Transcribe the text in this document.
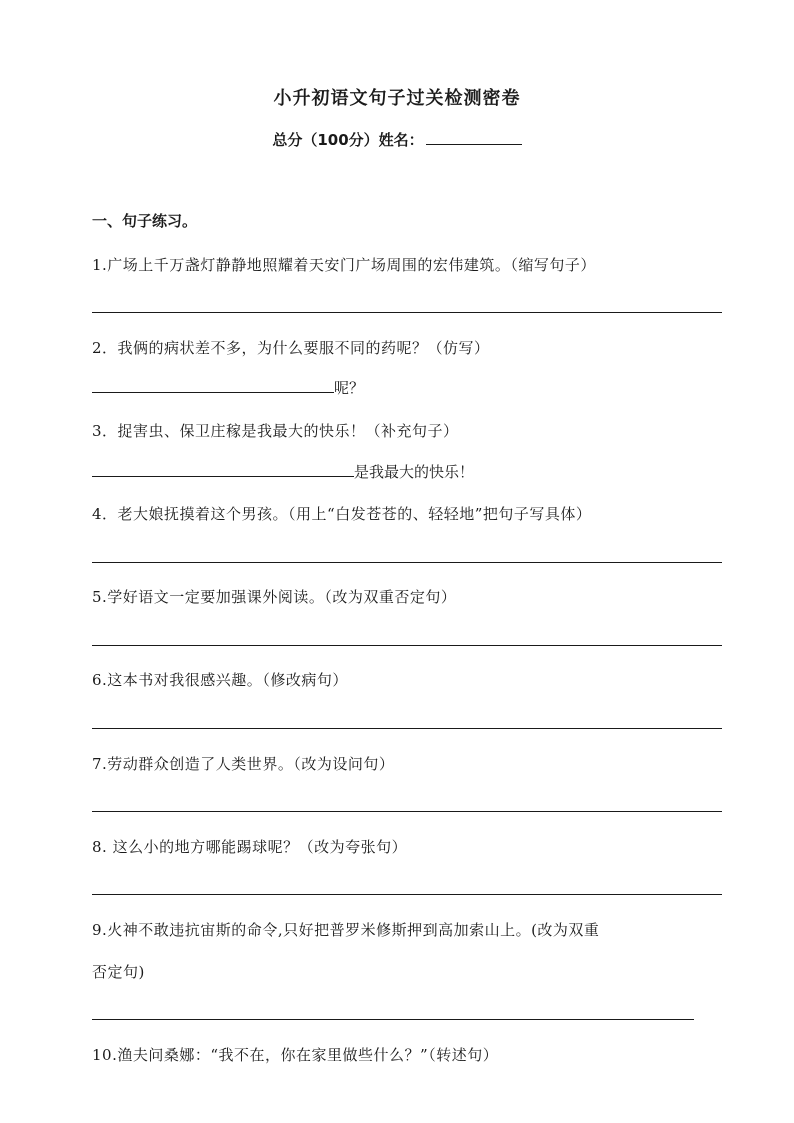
小升初语文句子过关检测密卷
总分（100分）姓名：
一、句子练习。
1.广场上千万盏灯静静地照耀着天安门广场周围的宏伟建筑。（缩写句子）
2．我俩的病状差不多，为什么要服不同的药呢？（仿写）
呢？
3．捉害虫、保卫庄稼是我最大的快乐！（补充句子）
是我最大的快乐！
4．老大娘抚摸着这个男孩。（用上“白发苍苍的、轻轻地”把句子写具体）
5.学好语文一定要加强课外阅读。（改为双重否定句）
6.这本书对我很感兴趣。（修改病句）
7.劳动群众创造了人类世界。（改为设问句）
8. 这么小的地方哪能踢球呢？（改为夸张句）
9.火神不敢违抗宙斯的命令,只好把普罗米修斯押到高加索山上。(改为双重
否定句)
10.渔夫问桑娜：“我不在，你在家里做些什么？”（转述句）
